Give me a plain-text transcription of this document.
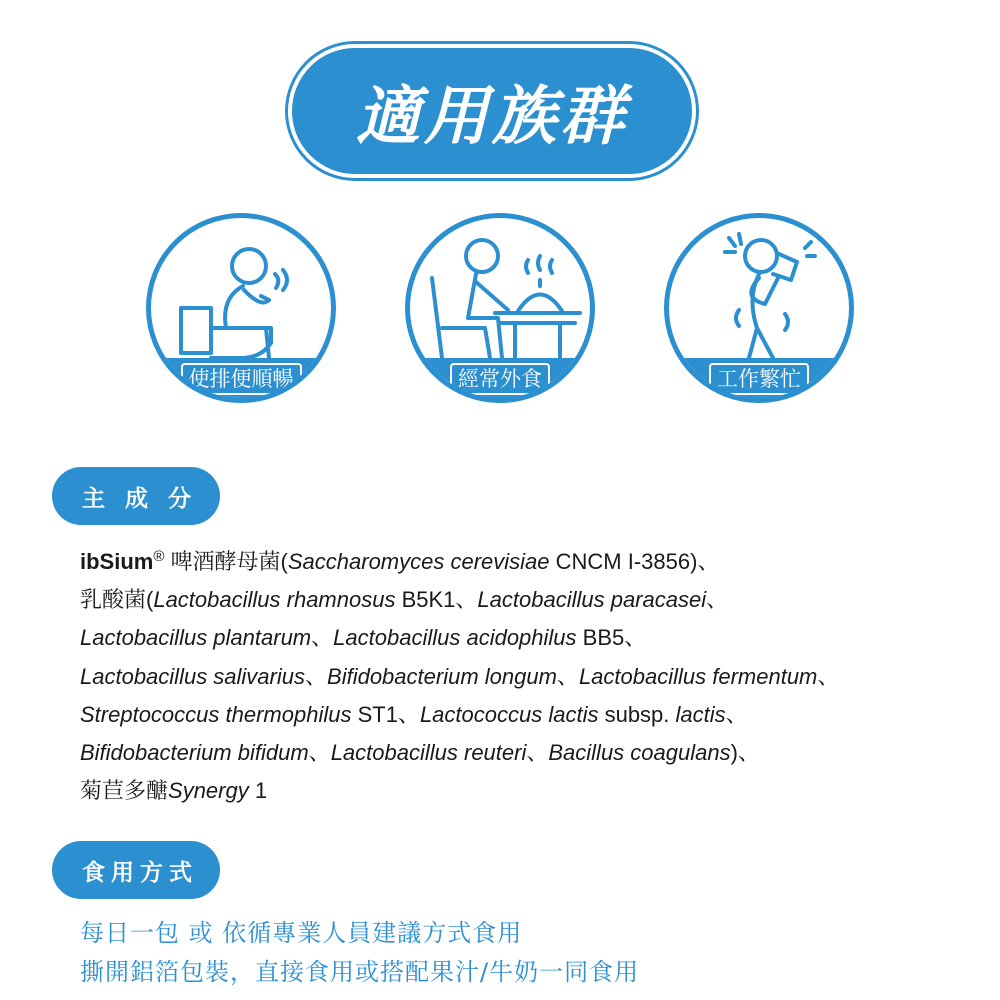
適用族群
使排便順暢	經常外食	工作繁忙
主 成 分
ibSium® 啤酒酵母菌(Saccharomyces cerevisiae CNCM I-3856)、
乳酸菌(Lactobacillus rhamnosus B5K1、Lactobacillus paracasei、
Lactobacillus plantarum、Lactobacillus acidophilus BB5、
Lactobacillus salivarius、Bifidobacterium longum、Lactobacillus fermentum、
Streptococcus thermophilus ST1、Lactococcus lactis subsp. lactis、
Bifidobacterium bifidum、Lactobacillus reuteri、Bacillus coagulans)、
菊苣多醣Synergy 1
食用方式
每日一包 或 依循專業人員建議方式食用
撕開鋁箔包裝，直接食用或搭配果汁/牛奶一同食用
